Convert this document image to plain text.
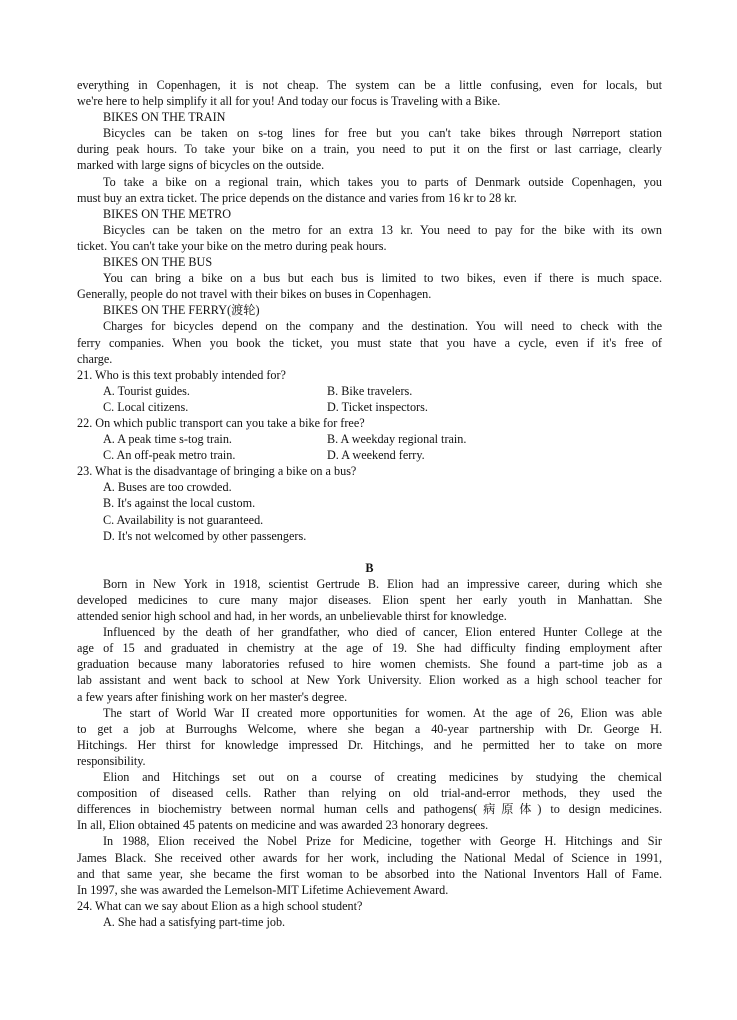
everything in Copenhagen, it is not cheap. The system can be a little confusing, even for locals, but
we're here to help simplify it all for you! And today our focus is Traveling with a Bike.
BIKES ON THE TRAIN
Bicycles can be taken on s-tog lines for free but you can't take bikes through Nørreport station
during peak hours. To take your bike on a train, you need to put it on the first or last carriage, clearly
marked with large signs of bicycles on the outside.
To take a bike on a regional train, which takes you to parts of Denmark outside Copenhagen, you
must buy an extra ticket. The price depends on the distance and varies from 16 kr to 28 kr.
BIKES ON THE METRO
Bicycles can be taken on the metro for an extra 13 kr. You need to pay for the bike with its own
ticket. You can't take your bike on the metro during peak hours.
BIKES ON THE BUS
You can bring a bike on a bus but each bus is limited to two bikes, even if there is much space.
Generally, people do not travel with their bikes on buses in Copenhagen.
BIKES ON THE FERRY(渡轮)
Charges for bicycles depend on the company and the destination. You will need to check with the
ferry companies. When you book the ticket, you must state that you have a cycle, even if it's free of
charge.
21. Who is this text probably intended for?
A. Tourist guides.	B. Bike travelers.
C. Local citizens.	D. Ticket inspectors.
22. On which public transport can you take a bike for free?
A. A peak time s-tog train.	B. A weekday regional train.
C. An off-peak metro train.	D. A weekend ferry.
23. What is the disadvantage of bringing a bike on a bus?
A. Buses are too crowded.
B. It's against the local custom.
C. Availability is not guaranteed.
D. It's not welcomed by other passengers.
B
Born in New York in 1918, scientist Gertrude B. Elion had an impressive career, during which she
developed medicines to cure many major diseases. Elion spent her early youth in Manhattan. She
attended senior high school and had, in her words, an unbelievable thirst for knowledge.
Influenced by the death of her grandfather, who died of cancer, Elion entered Hunter College at the
age of 15 and graduated in chemistry at the age of 19. She had difficulty finding employment after
graduation because many laboratories refused to hire women chemists. She found a part-time job as a
lab assistant and went back to school at New York University. Elion worked as a high school teacher for
a few years after finishing work on her master's degree.
The start of World War II created more opportunities for women. At the age of 26, Elion was able
to get a job at Burroughs Welcome, where she began a 40-year partnership with Dr. George H.
Hitchings. Her thirst for knowledge impressed Dr. Hitchings, and he permitted her to take on more
responsibility.
Elion and Hitchings set out on a course of creating medicines by studying the chemical
composition of diseased cells. Rather than relying on old trial-and-error methods, they used the
differences in biochemistry between normal human cells and pathogens(病原体) to design medicines.
In all, Elion obtained 45 patents on medicine and was awarded 23 honorary degrees.
In 1988, Elion received the Nobel Prize for Medicine, together with George H. Hitchings and Sir
James Black. She received other awards for her work, including the National Medal of Science in 1991,
and that same year, she became the first woman to be absorbed into the National Inventors Hall of Fame.
In 1997, she was awarded the Lemelson-MIT Lifetime Achievement Award.
24. What can we say about Elion as a high school student?
A. She had a satisfying part-time job.
